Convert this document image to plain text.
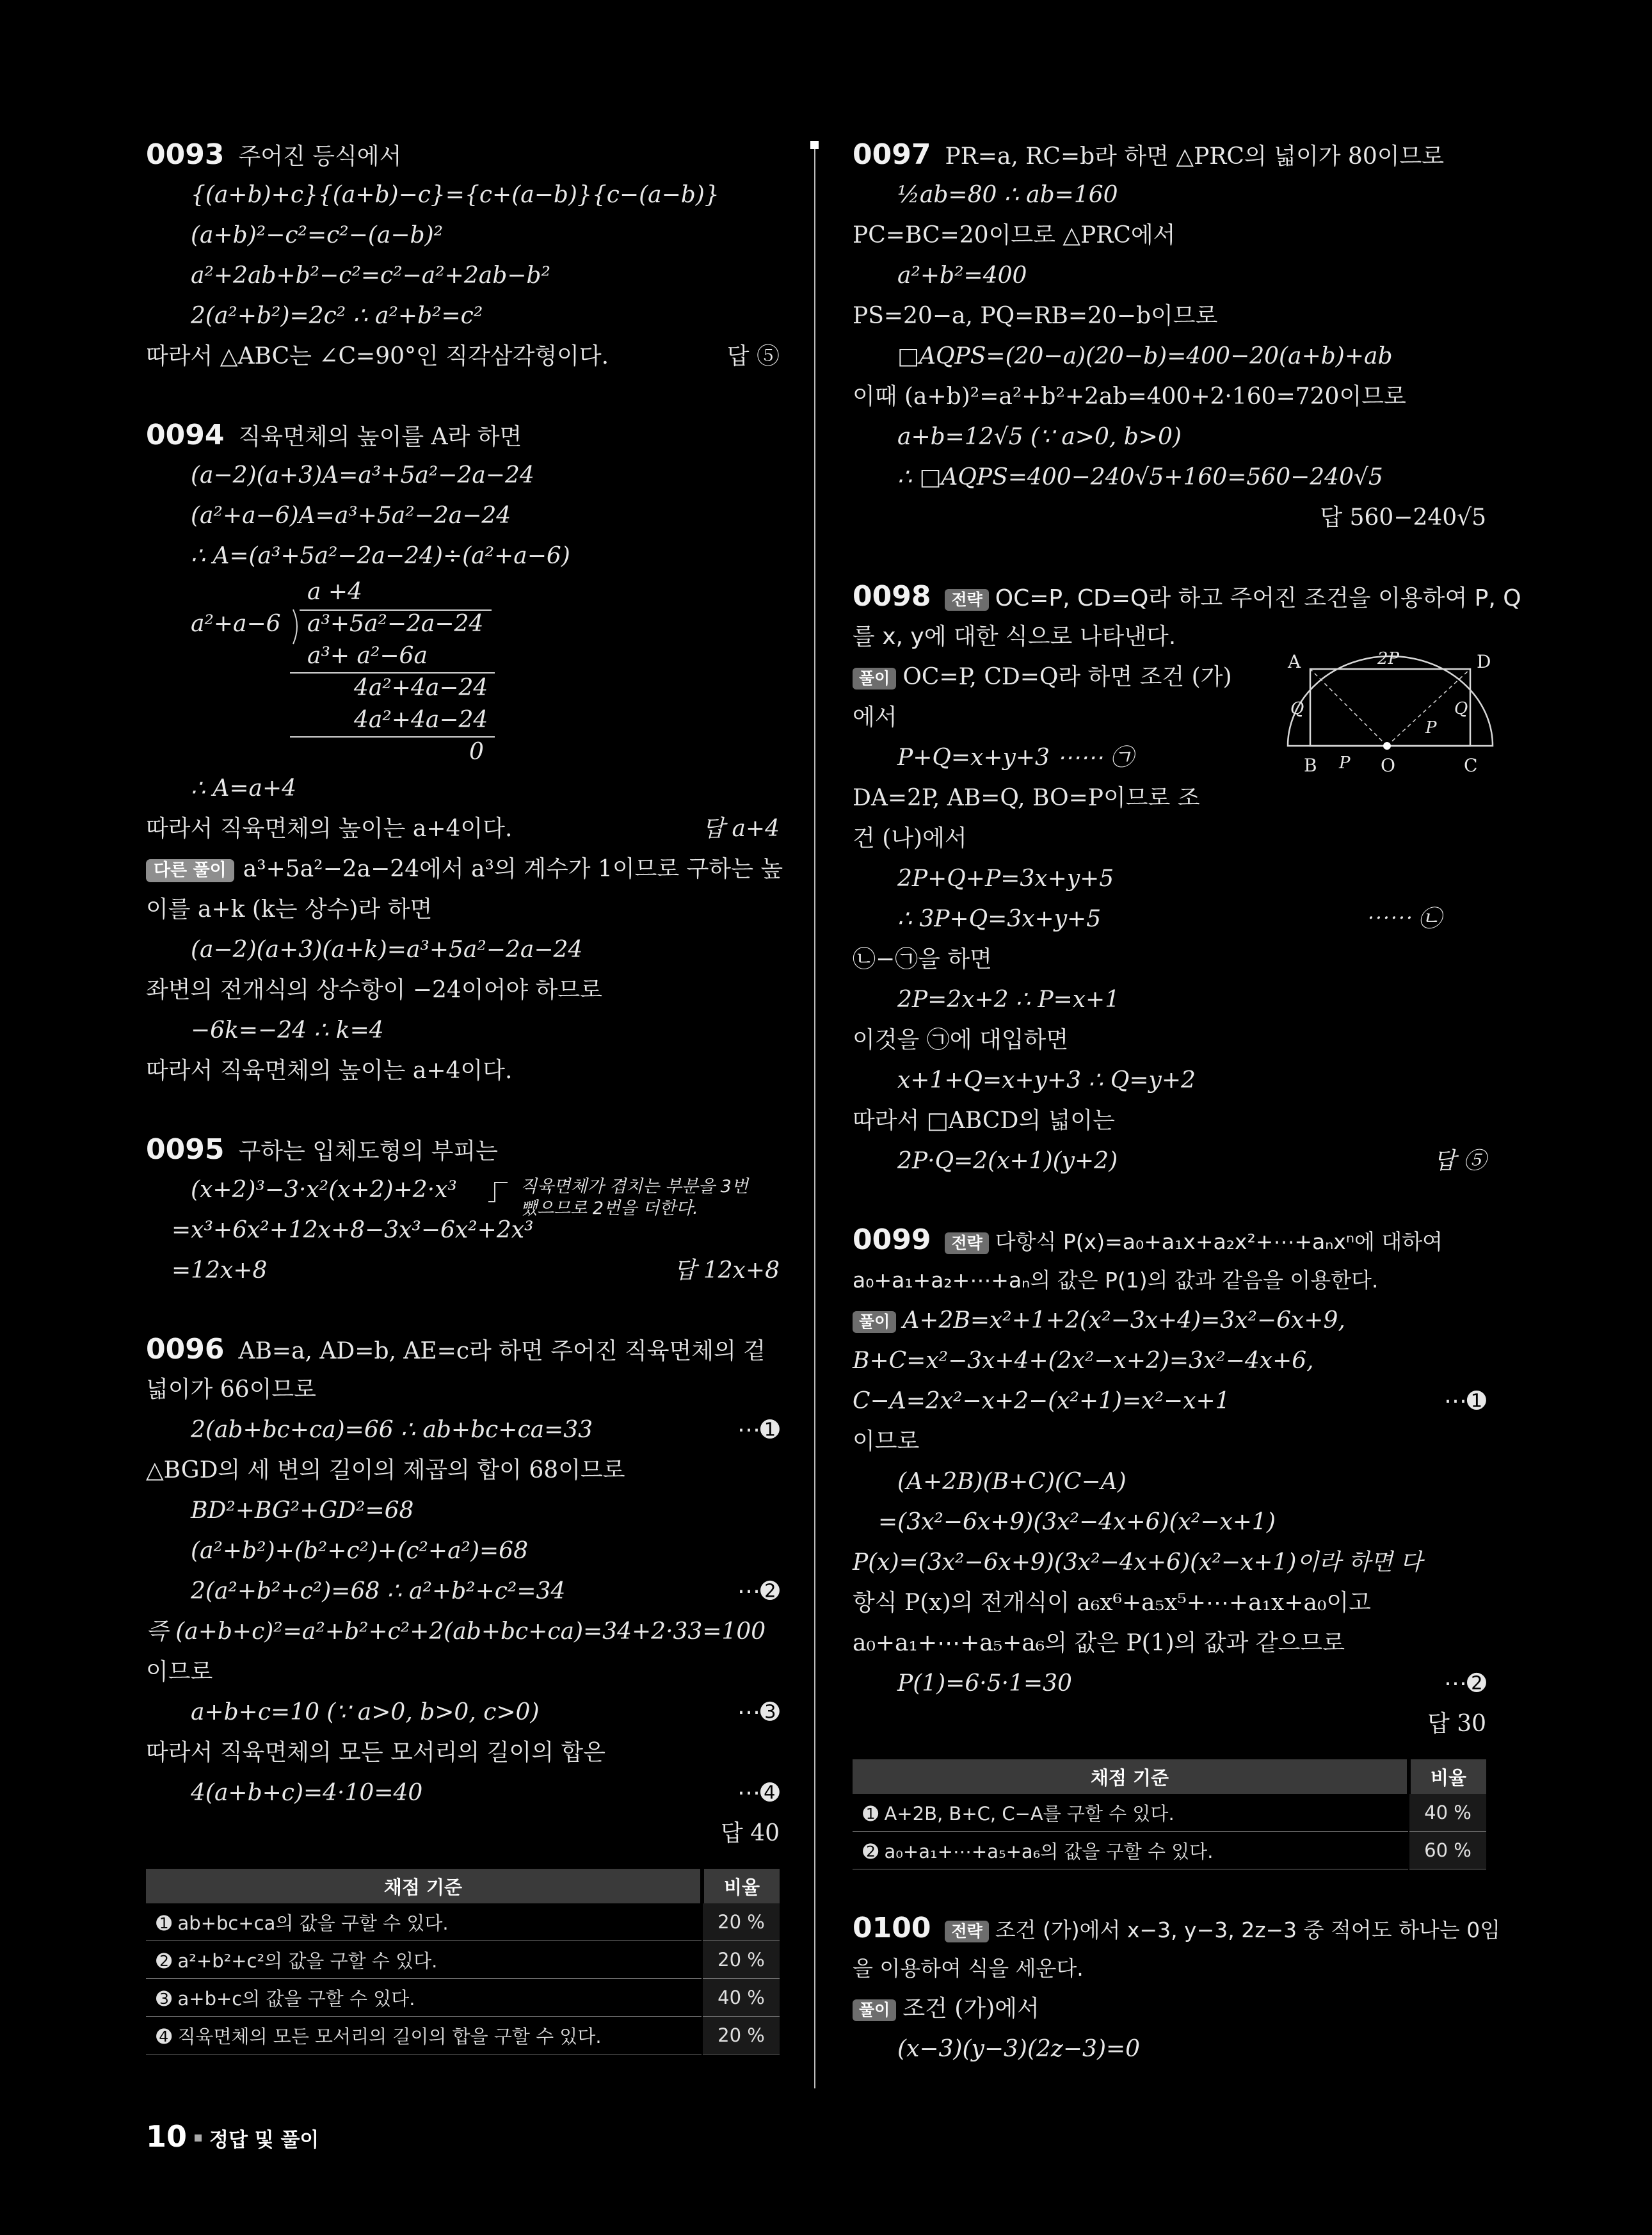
0093 주어진 등식에서
{(a+b)+c}{(a+b)−c}={c+(a−b)}{c−(a−b)}
(a+b)²−c²=c²−(a−b)²
a²+2ab+b²−c²=c²−a²+2ab−b²
2(a²+b²)=2c² ∴ a²+b²=c²
따라서 △ABC는 ∠C=90°인 직각삼각형이다.	답 ⑤
0094 직육면체의 높이를 A라 하면
(a−2)(a+3)A=a³+5a²−2a−24
(a²+a−6)A=a³+5a²−2a−24
∴ A=(a³+5a²−2a−24)÷(a²+a−6)
a +4
a²+a−6 a³+5a²−2a−24
a³+ a²−6a
4a²+4a−24
4a²+4a−24
0
∴ A=a+4
따라서 직육면체의 높이는 a+4이다.	답 a+4
다른 풀이 a³+5a²−2a−24에서 a³의 계수가 1이므로 구하는 높
이를 a+k (k는 상수)라 하면
(a−2)(a+3)(a+k)=a³+5a²−2a−24
좌변의 전개식의 상수항이 −24이어야 하므로
−6k=−24 ∴ k=4
따라서 직육면체의 높이는 a+4이다.
0095 구하는 입체도형의 부피는
(x+2)³−3·x²(x+2)+2·x³	직육면체가 겹치는 부분을 3번 뺐으므로 2번을 더한다.
=x³+6x²+12x+8−3x³−6x²+2x³
=12x+8	답 12x+8
0096 AB=a, AD=b, AE=c라 하면 주어진 직육면체의 겉
넓이가 66이므로
2(ab+bc+ca)=66 ∴ ab+bc+ca=33	⋯➊
△BGD의 세 변의 길이의 제곱의 합이 68이므로
BD²+BG²+GD²=68
(a²+b²)+(b²+c²)+(c²+a²)=68
2(a²+b²+c²)=68 ∴ a²+b²+c²=34	⋯➋
즉 (a+b+c)²=a²+b²+c²+2(ab+bc+ca)=34+2·33=100
이므로
a+b+c=10 (∵ a>0, b>0, c>0)	⋯➌
따라서 직육면체의 모든 모서리의 길이의 합은
4(a+b+c)=4·10=40	⋯➍
답 40
채점 기준	비율
➊ ab+bc+ca의 값을 구할 수 있다.	20 %
➋ a²+b²+c²의 값을 구할 수 있다.	20 %
➌ a+b+c의 값을 구할 수 있다.	40 %
➍ 직육면체의 모든 모서리의 길이의 합을 구할 수 있다.	20 %
0097 PR=a, RC=b라 하면 △PRC의 넓이가 80이므로
½ab=80 ∴ ab=160
PC=BC=20이므로 △PRC에서
a²+b²=400
PS=20−a, PQ=RB=20−b이므로
□AQPS=(20−a)(20−b)=400−20(a+b)+ab
이때 (a+b)²=a²+b²+2ab=400+2·160=720이므로
a+b=12√5 (∵ a>0, b>0)
∴ □AQPS=400−240√5+160=560−240√5
답 560−240√5
0098 전략 OC=P, CD=Q라 하고 주어진 조건을 이용하여 P, Q
를 x, y에 대한 식으로 나타낸다.
풀이 OC=P, CD=Q라 하면 조건 (가)
에서
P+Q=x+y+3 ⋯⋯ ㉠
DA=2P, AB=Q, BO=P이므로 조
건 (나)에서
2P+Q+P=3x+y+5
∴ 3P+Q=3x+y+5	⋯⋯ ㉡
㉡−㉠을 하면
2P=2x+2 ∴ P=x+1
이것을 ㉠에 대입하면
x+1+Q=x+y+3 ∴ Q=y+2
따라서 □ABCD의 넓이는
2P·Q=2(x+1)(y+2)	답 ⑤
A	D
B	O	C
2P
Q	Q
P
P
0099 전략 다항식 P(x)=a₀+a₁x+a₂x²+⋯+aₙxⁿ에 대하여
a₀+a₁+a₂+⋯+aₙ의 값은 P(1)의 값과 같음을 이용한다.
풀이 A+2B=x²+1+2(x²−3x+4)=3x²−6x+9,
B+C=x²−3x+4+(2x²−x+2)=3x²−4x+6,
C−A=2x²−x+2−(x²+1)=x²−x+1	⋯➊
이므로
(A+2B)(B+C)(C−A)
=(3x²−6x+9)(3x²−4x+6)(x²−x+1)
P(x)=(3x²−6x+9)(3x²−4x+6)(x²−x+1)이라 하면 다
항식 P(x)의 전개식이 a₆x⁶+a₅x⁵+⋯+a₁x+a₀이고
a₀+a₁+⋯+a₅+a₆의 값은 P(1)의 값과 같으므로
P(1)=6·5·1=30	⋯➋
답 30
채점 기준	비율
➊ A+2B, B+C, C−A를 구할 수 있다.	40 %
➋ a₀+a₁+⋯+a₅+a₆의 값을 구할 수 있다.	60 %
0100 전략 조건 (가)에서 x−3, y−3, 2z−3 중 적어도 하나는 0임
을 이용하여 식을 세운다.
풀이 조건 (가)에서
(x−3)(y−3)(2z−3)=0
10 정답 및 풀이
